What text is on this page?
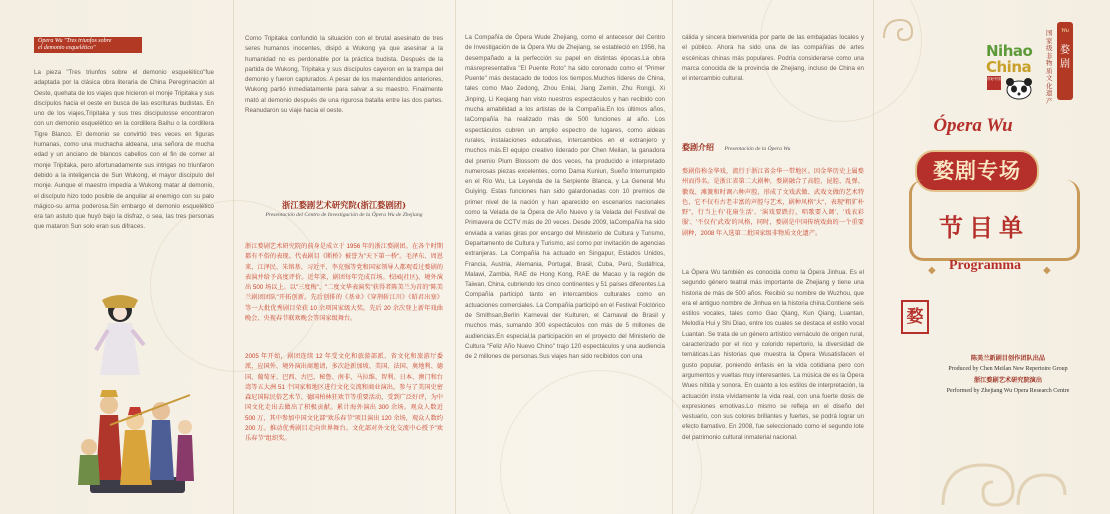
Ópera Wu "Tres triunfos sobre
el demonio esquelético"

La pieza "Tres triunfos sobre el demonio esquelético"fue adaptada por la clásica obra literaria de China Peregrinación al Oeste, quehata de los viajes que hicieron el monje Tripitaka y sus discípulos hacia el oeste en busca de las escrituras budistas. En uno de los viajes,Tripitaka y sus tres discipulosse encontraron con un demonio esquelético en la cordillera Baihu o la cordillera Tigre Blanco. El demonio se convirtió tres veces en figuras humanas, como una muchacha aldeana, una señora de mucha edad y un anciano de blancos cabellos con el fin de comer al monje Tripitaka, pero afortunadamente sus intrigas no triunfaron debido a la inteligencia de Sun Wukong, el mayor discípulo del monje. Aunque el maestro impedía a Wukong matar al demonio, el discípulo hizo todo posible de anquilar al enemigo con su palo mágico-su arma poderosa.Sin embargo el demonio esquelético era tan astuto que huyó bajo la disfraz, o sea, las tres personas que mataron Sun solo eran sus difraces.

Como Tripitaka confundió la situación con el brutal asesinato de tres seres humanos inocentes, disipó a Wukong ya que asesinar a la humanidad no es perdonable por la práctica budista. Después de la partida de Wukong, Tripitaka y sus discípulos cayeron en la trampa del demonio y fueron capturados. A pesar de los malentendidos anteriores, Wukong partió inmediatamente para salvar a su maestro. Finalmente mató al demonio después de una rigurosa batalla entre las dos partes. Reanudaron su viaje hacia el oeste.

浙江婺剧艺术研究院(浙江婺剧团)
Presentación del Centro de Investigación de la Ópera Wu de Zhejiang

浙江婺剧艺术研究院的前身是成立于 1956 年的浙江婺剧团。在各个时期都有不俗的表现。代表剧目《断桥》被誉为"天下第一桥"。毛泽东、周恩来、江泽民、朱镕基、习近平、李克强等党和国家领导人都观看过婺剧的表演并给予高度评价。近年来，剧团每年完成百场。校园(社区)、境外演出 500 场以上。以"三度梅"、"二度文华表演奖"获得者陈美兰为首的"陈美兰剧团团队"开拓创新。先后创排的《基业》《穿荆斩江川》《昭君出塞》等一大批优秀剧目荣获 10 余项国家级大奖。先后 20 余次登上新年戏曲晚会、央视春节联欢晚会等国家级舞台。

2005 年开始，剧团连续 12 年受文化和旅游部派、省文化和旅游厅委派，应国外、境外演出商邀请，多次赴新加坡、美国、法国、奥地利、德国、葡萄牙、巴西、古巴、秘鲁、南非、马拉维、智利、日本、澳门和台湾等五大洲 51 个国家和地区进行文化交流和商业演出，参与了美国史密森尼国际民俗艺术节、德国柏林狂欢节等重要活动，受到广泛好评，为中国文化走出去做出了积极贡献。累计海外演出 300 余场。观众人数近 500 万，其中参加中国文化部"欢乐春节"项目演出 120 余场，观众人数约 200 万。推动优秀剧目走向世界舞台。文化部对外文化交流中心授予"欢乐春节"组织奖。

La Compañía de Ópera Wude Zhejiang, como el antecesor del Centro de Investigación de la Ópera Wu de Zhejiang, se estableció en 1956, ha desempañado a la perfección su papel en distintas épocas.La obra másrepresentativa "El Puente Roto" ha sido coronado como el "Primer Puente" más destacado de todos los tiempos.Muchos líderes de China, tales como Mao Zedong, Zhou Enlai, Jiang Zemin, Zhu Rongji, Xi Jinping, Li Keqiang han visto nuestros espectáculos y han recibido con mucha amabilidad a los artistas de la Compañía.En los últimos años, laCompañía ha realizado más de 500 funciones al año. Los espectáculos cubren un amplio espectro de lugares, como aldeas rurales, instalaciones educativas, intercambios en el extranjero y muchos más.El equipo creativo liderado por Chen Meilan, la ganadora del premio Plum Blossom de dos veces, ha producido e interpretado numerosas piezas excelentes, como Dama Kuniun, Sueño Interrumpido en el Río Wu, La Leyenda de la Serpiente Blanca, y La General Mu Guiying. Estas funciones han sido galardonadas con 10 premios de primer nivel de la nación y han aparecido en escenarios nacionales como la Velada de la Ópera de Año Nuevo y la Velada del Festival de Primavera de CCTV más de 20 veces. Desde 2009, laCompañía ha sido enviada a varias giras por encargo del Ministerio de Cultura y Turismo, Departamento de Cultura y Turismo, así como por invitación de agencias extranjeras. La Compañía ha actuado en Singapur, Estados Unidos, Francia, Austria, Alemania, Portugal, Brasil, Cuba, Perú, Sudáfrica, Malawi, Zambia, RAE de Hong Kong, RAE de Macao y la región de Taiwan, China, cubriendo los cinco continentes y 51 países diferentes.La Compañía participó tanto en intercambios culturales como en actuaciones comerciales. La Compañía participó en el Festival Folclórico de Smithsan,Berlín Karneval der Kulturen, el Carnaval de Brasil y muchos más, sumando 300 espectáculos con más de 5 millones de audiencias.En especial,la participación en el proyecto del Ministerio de Cultura "Feliz Año Nuevo Chino" trajo 120 espectáculos y una audiencia de 2 millones de personas.Sus viajes han sido recibidos con una

cálida y sincera bienvenida por parte de las embajadas locales y el público. Ahora ha sido una de las compañías de artes escénicas chinas más populares. Podría considerarse como una marca conocida de la provincia de Zhejiang, incluso de China en el intercambio cultural.

婺剧介绍 Presentación de la Ópera Wu

婺剧俗称金华戏，流行于浙江省金华一带地区。因金华历史上属婺州而得名。是浙江省第二大剧种，婺剧融合了高腔、昆腔、乱弹、徽戏、滩簧和时调六种声腔，形成了文戏武做、武戏文做的艺术特色，它不仅有古老丰富的声腔与艺术，剧种风格"大"，表现“粗犷朴野”，行当上有'花扇生活'、'演戏要跌打，唱歌要入调'、'戏衣彩服'、'不仅有'武戏'的风格，同时，婺剧是中国传统戏曲的一个重要剧种，2008 年入选第二批国家级非物质文化遗产。

La Ópera Wu también es conocida como la Ópera Jinhua. Es el segundo género teatral más importante de Zhejiang y tiene una historia de más de 500 años. Recibió su nombre de Wuzhou, que era el antiguo nombre de Jinhua en la historia china.Contiene seis estilos vocales, tales como Gao Qiang, Kun Qiang, Luantan, Melodía Hui y Shi Diao, entre los cuales se destaca el estilo vocal Luantan. Se trata de un género artístico vernáculo de origen rural, caracterizado por el rico y colorido repertorio, la diversidad de temáticas.Las historias que muestra la Ópera Wusatisfacen el gusto popular, poniendo énfasis en la vida cotidiana pero con argumentos y vueltas muy interesantes. La música de es la Ópera Wues nítida y sonora. En cuanto a los estilos de interpretación, la actuación insta vívidamente la vida real, con una fuerte dosis de expresiones emotivas.Lo mismo se refleja en el diseño del vestuario, con sus colores brillantes y fuertes, se podrá lograr un efecto llamativo. En 2008, fue seleccionado como el segundo lote del patrimonio cultural inmaterial nacional.

Nihao
China
你好中国
国家级非物质文化遗产
Wu
婺剧
Ópera Wu
婺剧专场
节目单
◆	◆
Programma
婺
陈美兰新剧目创作团队出品
Produced by Chen Meilan New Repertoire Group
浙江婺剧艺术研究院演出
Performed by Zhejiang Wu Opera Research Centre
